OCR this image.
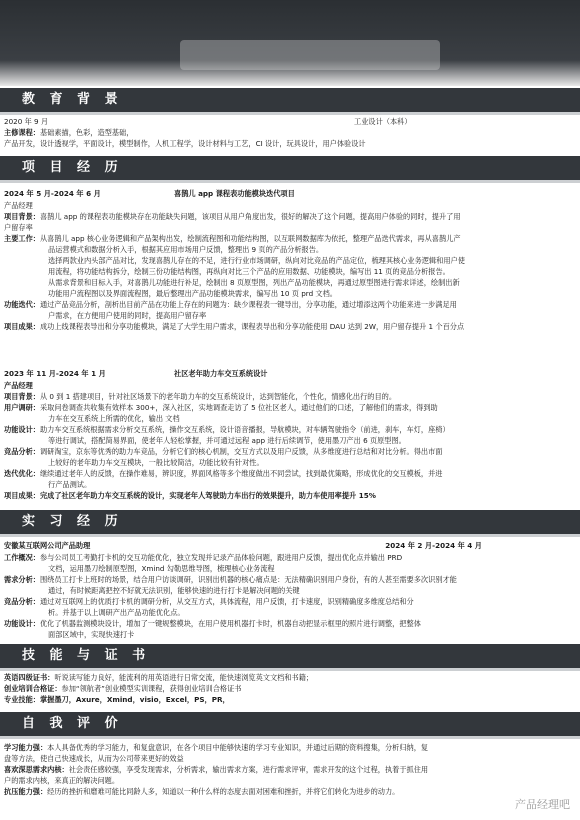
教 育 背 景
2020 年 9 月	工业设计（本科）
主修课程：基础素描，色彩，造型基础，
产品开发，设计透视学，平面设计，模型制作，人机工程学，设计材料与工艺，CI 设计，玩具设计，用户体验设计
项 目 经 历
2024 年 5 月-2024 年 6 月	喜鹊儿 app 课程表功能模块迭代项目
产品经理
项目背景：喜鹊儿 app 的课程表功能模块存在功能缺失问题，该项目从用户角度出发，很好的解决了这个问题，提高用户体验的同时，提升了用
户留存率
主要工作：从喜鹊儿 app 核心业务逻辑和产品架构出发，绘制流程图和功能结构图，以互联网数据库为依托，整理产品迭代需求，再从喜鹊儿产
品运营模式和数据分析入手，根据其应用市场用户反馈，整理出 9 页的产品分析报告。
选择两款业内头部产品对比，发现喜鹊儿存在的不足，进行行业市场调研，纵向对比竞品的产品定位，梳理其核心业务逻辑和用户使
用流程，将功能结构拆分，绘制三份功能结构图，再纵向对比三个产品的应用数据、功能模块，编写出 11 页的竞品分析报告。
从需求背景和目标入手，对喜鹊儿功能进行补足，绘制出 8 页原型图，列出产品功能模块，再通过原型图进行需求详述，绘制出新
功能用户流程图以及界面流程图，最后整理出产品功能模块需求，编写出 10 页 prd 文档。
功能迭代：通过产品竞品分析，剖析出目前产品在功能上存在的问题为：缺少课程表一键导出，分享功能，通过增添这两个功能来进一步满足用
户需求，在方便用户使用的同时，提高用户留存率
项目成果：成功上线课程表导出和分享功能模块，满足了大学生用户需求，课程表导出和分享功能使用 DAU 达到 2W，用户留存提升 1 个百分点
2023 年 11 月-2024 年 1 月	社区老年助力车交互系统设计
产品经理
项目背景：从 0 到 1 搭建项目，针对社区场景下的老年助力车的交互系统设计，达到智能化，个性化，情感化出行的目的。
用户调研：采取问卷调查共收集有效样本 300+，深入社区，实地调查走访了 5 位社区老人，通过他们的口述，了解他们的需求，得到助
力车在交互系统上所需的优化，输出 文档
功能设计：助力车交互系统根据需求分析交互系统，操作交互系统，设计语音播报，导航模块，对车辆驾驶指令（前进，刹车，车灯，座椅）
等进行调试，搭配简易界面，使老年人轻松掌握，并可通过远程 app 进行后续调节，使用墨刀产出 6 页原型图。
竞品分析：调研淘宝，京东等优秀的助力车竞品，分析它们的核心机制，交互方式以及用户反馈，从多维度进行总结和对比分析。得出市面
上较好的老年助力车交互模块，一般比较简洁，功能比较有针对性。
迭代优化：继续通过老年人的反馈，在操作难易，辨识度，界面风格等多个维度做出不同尝试，找到最优策略，形成优化的交互模板，并进
行产品测试。
项目成果：完成了社区老年助力车交互系统的设计，实现老年人驾驶助力车出行的效果提升，助力车使用率提升 15%
实 习 经 历
安徽某互联网公司产品助理	2024 年 2 月-2024 年 4 月
工作概况：参与公司员工考勤打卡机的交互功能优化，独立发现并记录产品体验问题，跟进用户反馈，提出优化点并输出 PRD
文档，运用墨刀绘制原型图，Xmind 勾勒思维导图，梳理核心业务流程
需求分析：围绕员工打卡上班时的场景，结合用户访谈调研，识别出机器的核心痛点是：无法精确识别用户身份，有的人甚至需要多次识别才能
通过，有时候距离把控不好就无法识别，能够快速的进行打卡是解决问题的关键
竞品分析：通过对互联网上的优质打卡机的调研分析，从交互方式，具体流程，用户反馈，打卡速度，识别精确度多维度总结和分
析。并基于以上调研产出产品功能优化点。
功能设计：优化了机器监测模块设计，增加了一键规整模块，在用户使用机器打卡时，机器自动把显示框里的照片进行调整，把整体
面部区域中，实现快速打卡
技 能 与 证 书
英语四级证书：听说读写能力良好，能流利的用英语进行日常交流，能快速浏览英文文档和书籍；
创业培训合格证：参加“领航者”创业模型实训课程，获得创业培训合格证书
专业技能：掌握墨刀，Axure，Xmind，visio，Excel，PS，PR，
自 我 评 价
学习能力强：本人具备优秀的学习能力，和复盘意识，在各个项目中能够快速的学习专业知识，并通过后期的资料搜集，分析归纳，复
盘等方法，使自己快速成长，从而为公司带来更好的效益
喜欢深思需求内核：社会责任感较强，享受发现需求，分析需求，输出需求方案，进行需求评审，需求开发的这个过程，执着于抓住用
户的需求内核，来真正的解决问题。
抗压能力强：经历的挫折和磨难可能比同龄人多，知道以一种什么样的态度去面对困难和挫折，并将它们转化为进步的动力。
产品经理吧
